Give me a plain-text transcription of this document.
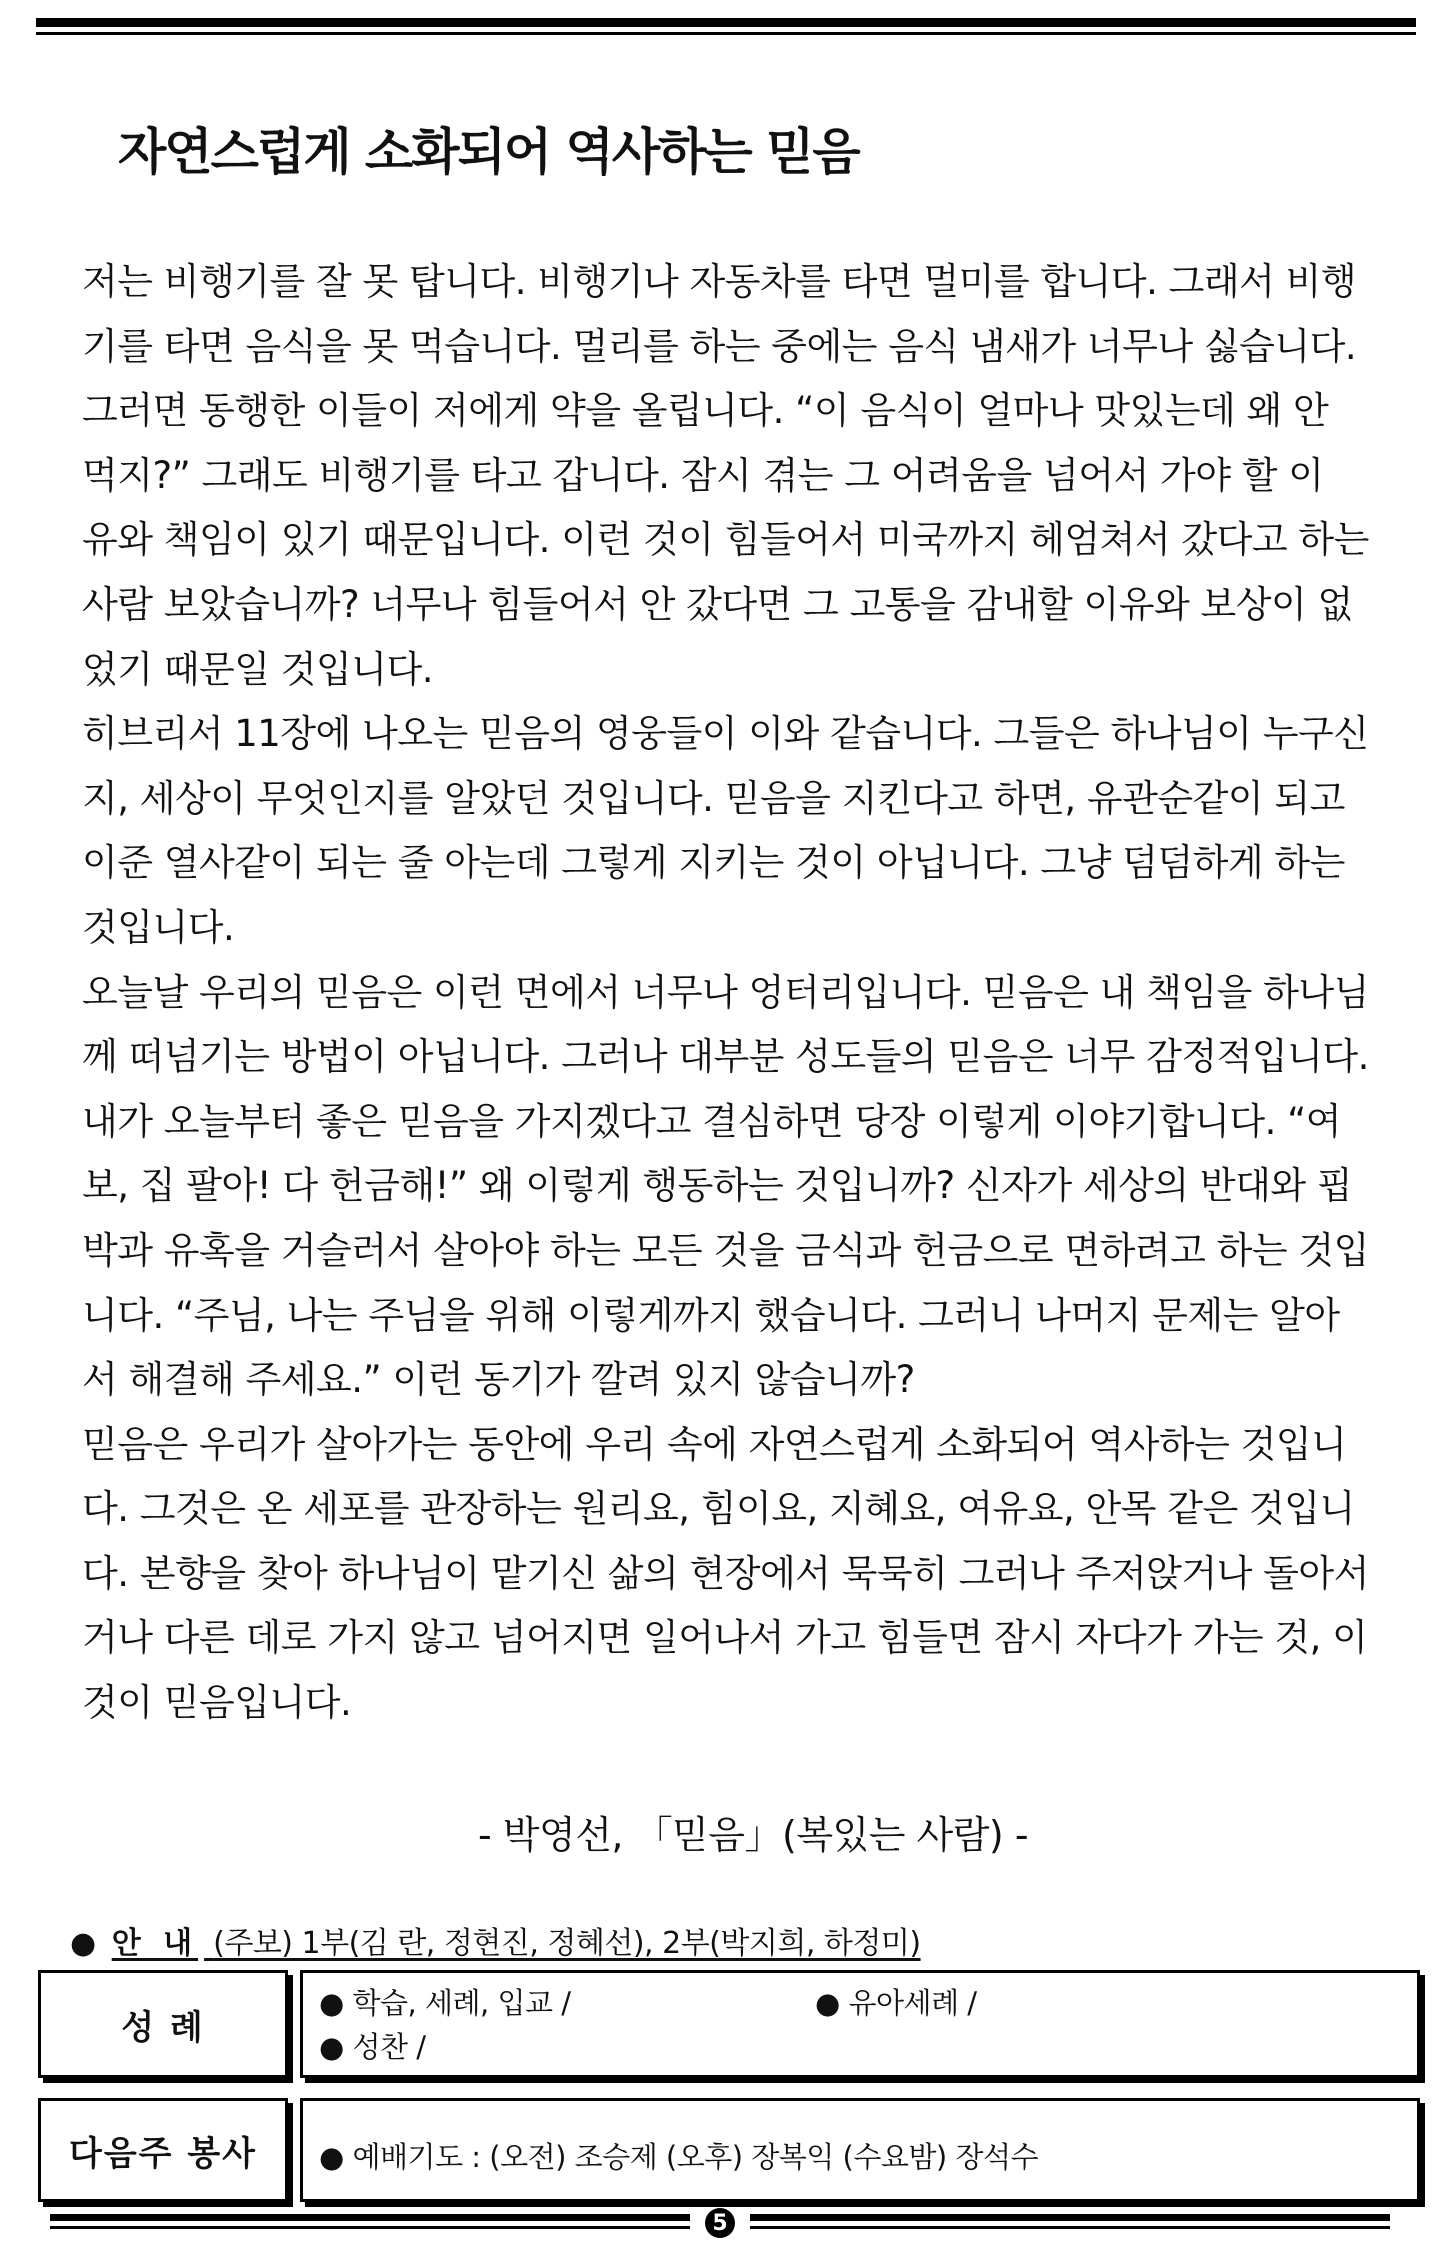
자연스럽게 소화되어 역사하는 믿음
저는 비행기를 잘 못 탑니다. 비행기나 자동차를 타면 멀미를 합니다. 그래서 비행
기를 타면 음식을 못 먹습니다. 멀리를 하는 중에는 음식 냄새가 너무나 싫습니다.
그러면 동행한 이들이 저에게 약을 올립니다. “이 음식이 얼마나 맛있는데 왜 안
먹지?” 그래도 비행기를 타고 갑니다. 잠시 겪는 그 어려움을 넘어서 가야 할 이
유와 책임이 있기 때문입니다. 이런 것이 힘들어서 미국까지 헤엄쳐서 갔다고 하는
사람 보았습니까? 너무나 힘들어서 안 갔다면 그 고통을 감내할 이유와 보상이 없
었기 때문일 것입니다.
히브리서 11장에 나오는 믿음의 영웅들이 이와 같습니다. 그들은 하나님이 누구신
지, 세상이 무엇인지를 알았던 것입니다. 믿음을 지킨다고 하면, 유관순같이 되고
이준 열사같이 되는 줄 아는데 그렇게 지키는 것이 아닙니다. 그냥 덤덤하게 하는
것입니다.
오늘날 우리의 믿음은 이런 면에서 너무나 엉터리입니다. 믿음은 내 책임을 하나님
께 떠넘기는 방법이 아닙니다. 그러나 대부분 성도들의 믿음은 너무 감정적입니다.
내가 오늘부터 좋은 믿음을 가지겠다고 결심하면 당장 이렇게 이야기합니다. “여
보, 집 팔아! 다 헌금해!” 왜 이렇게 행동하는 것입니까? 신자가 세상의 반대와 핍
박과 유혹을 거슬러서 살아야 하는 모든 것을 금식과 헌금으로 면하려고 하는 것입
니다. “주님, 나는 주님을 위해 이렇게까지 했습니다. 그러니 나머지 문제는 알아
서 해결해 주세요.” 이런 동기가 깔려 있지 않습니까?
믿음은 우리가 살아가는 동안에 우리 속에 자연스럽게 소화되어 역사하는 것입니
다. 그것은 온 세포를 관장하는 원리요, 힘이요, 지혜요, 여유요, 안목 같은 것입니
다. 본향을 찾아 하나님이 맡기신 삶의 현장에서 묵묵히 그러나 주저앉거나 돌아서
거나 다른 데로 가지 않고 넘어지면 일어나서 가고 힘들면 잠시 자다가 가는 것, 이
것이 믿음입니다.
- 박영선, 「믿음」(복있는 사람) -
● 안 내 (주보) 1부(김 란, 정현진, 정혜선), 2부(박지희, 하정미)
성 례
● 학습, 세례, 입교 /	● 유아세례 /
● 성찬 /
다음주 봉사 ● 예배기도 : (오전) 조승제 (오후) 장복익 (수요밤) 장석수
5
